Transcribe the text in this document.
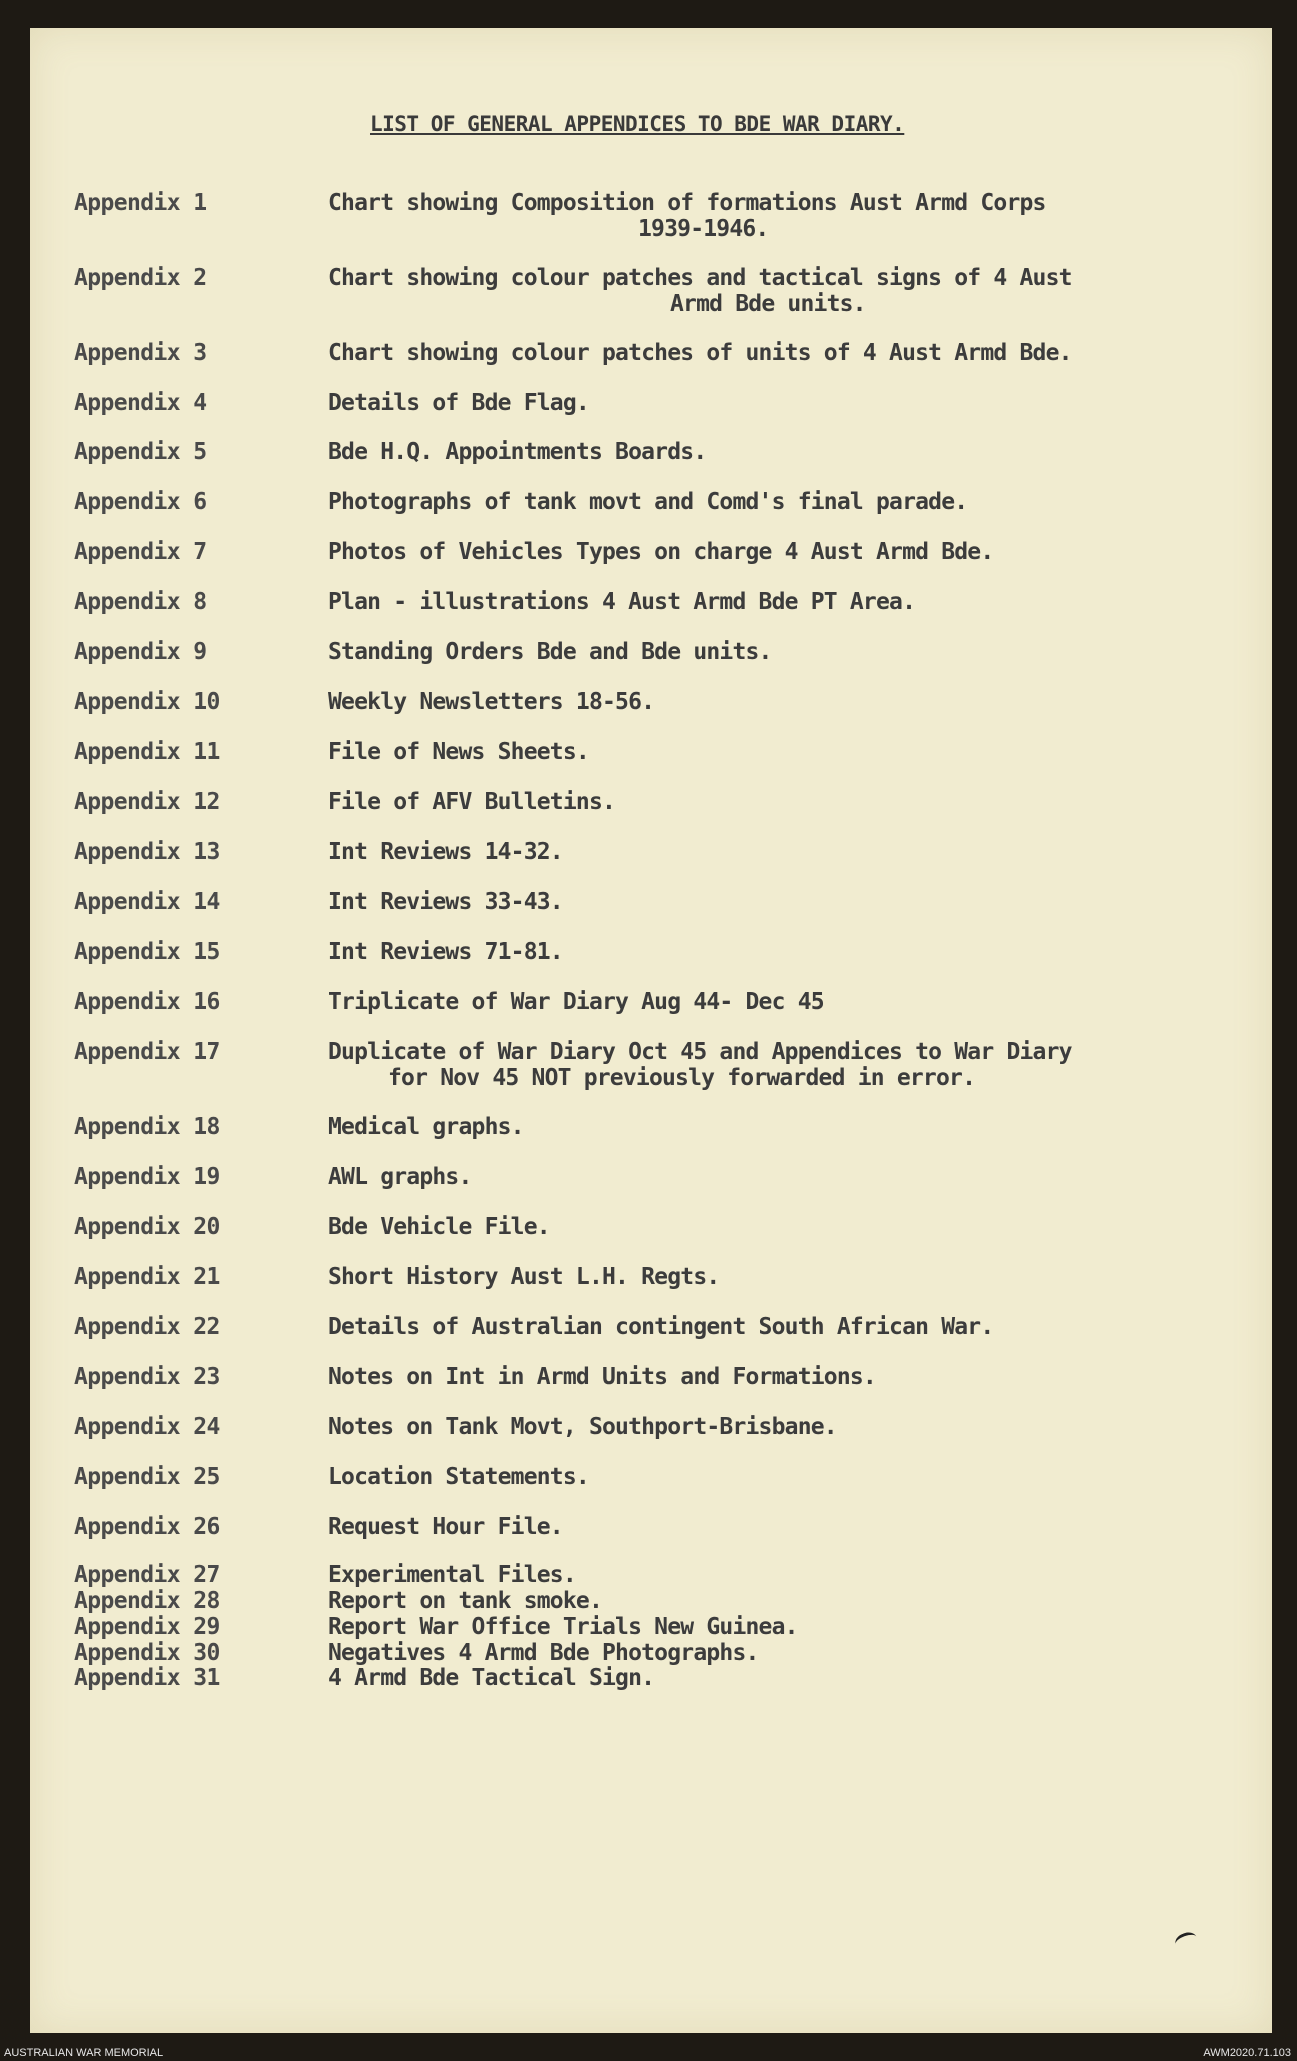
LIST OF GENERAL APPENDICES TO BDE WAR DIARY.
Appendix 1	Chart showing Composition of formations Aust Armd Corps
1939-1946.
Appendix 2	Chart showing colour patches and tactical signs of 4 Aust
Armd Bde units.
Appendix 3	Chart showing colour patches of units of 4 Aust Armd Bde.
Appendix 4	Details of Bde Flag.
Appendix 5	Bde H.Q. Appointments Boards.
Appendix 6	Photographs of tank movt and Comd's final parade.
Appendix 7	Photos of Vehicles Types on charge 4 Aust Armd Bde.
Appendix 8	Plan - illustrations 4 Aust Armd Bde PT Area.
Appendix 9	Standing Orders Bde and Bde units.
Appendix 10	Weekly Newsletters 18-56.
Appendix 11	File of News Sheets.
Appendix 12	File of AFV Bulletins.
Appendix 13	Int Reviews 14-32.
Appendix 14	Int Reviews 33-43.
Appendix 15	Int Reviews 71-81.
Appendix 16	Triplicate of War Diary Aug 44- Dec 45
Appendix 17	Duplicate of War Diary Oct 45 and Appendices to War Diary
for Nov 45 NOT previously forwarded in error.
Appendix 18	Medical graphs.
Appendix 19	AWL graphs.
Appendix 20	Bde Vehicle File.
Appendix 21	Short History Aust L.H. Regts.
Appendix 22	Details of Australian contingent South African War.
Appendix 23	Notes on Int in Armd Units and Formations.
Appendix 24	Notes on Tank Movt, Southport-Brisbane.
Appendix 25	Location Statements.
Appendix 26	Request Hour File.
Appendix 27	Experimental Files.
Appendix 28	Report on tank smoke.
Appendix 29	Report War Office Trials New Guinea.
Appendix 30	Negatives 4 Armd Bde Photographs.
Appendix 31	4 Armd Bde Tactical Sign.
AUSTRALIAN WAR MEMORIAL	AWM2020.71.103
